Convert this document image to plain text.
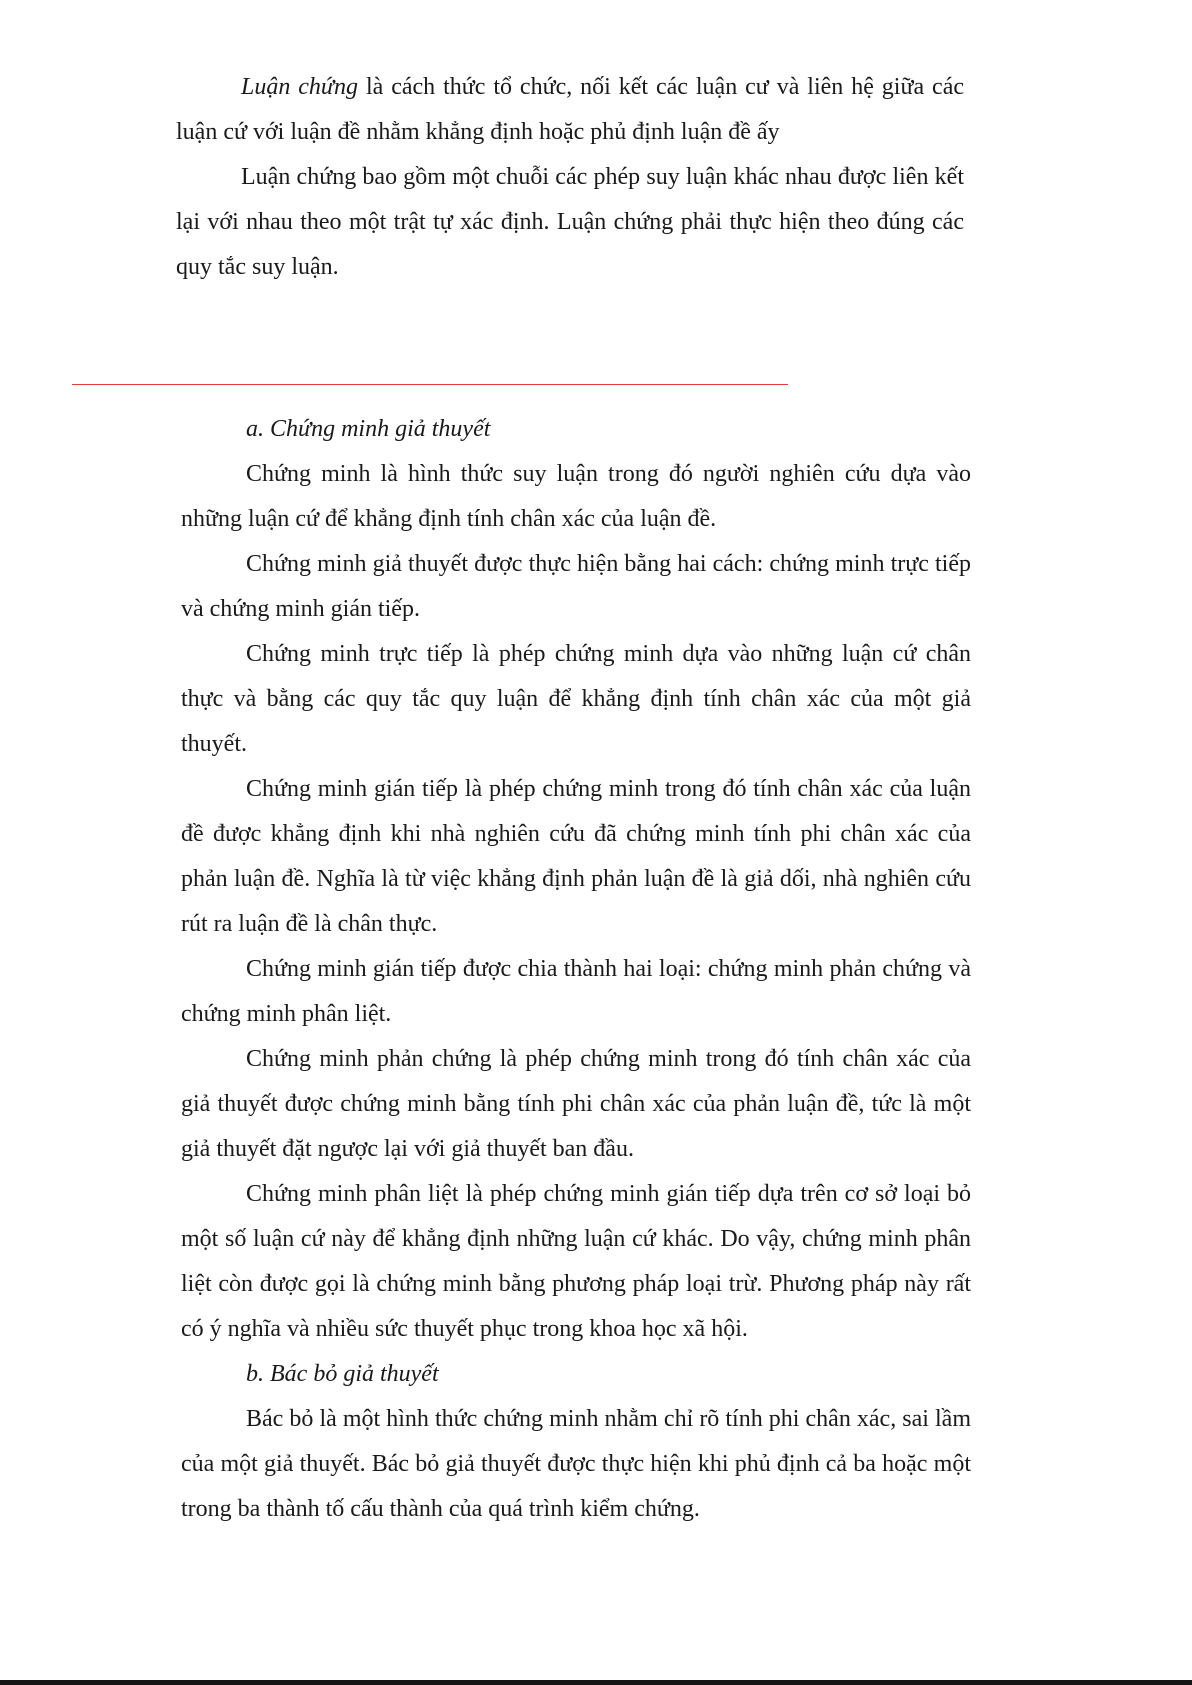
Luận chứng là cách thức tổ chức, nối kết các luận cư và liên hệ giữa các luận cứ với luận đề nhằm khẳng định hoặc phủ định luận đề ấy

Luận chứng bao gồm một chuỗi các phép suy luận khác nhau được liên kết lại với nhau theo một trật tự xác định. Luận chứng phải thực hiện theo đúng các quy tắc suy luận.

a. Chứng minh giả thuyết

Chứng minh là hình thức suy luận trong đó người nghiên cứu dựa vào những luận cứ để khẳng định tính chân xác của luận đề.

Chứng minh giả thuyết được thực hiện bằng hai cách: chứng minh trực tiếp và chứng minh gián tiếp.

Chứng minh trực tiếp là phép chứng minh dựa vào những luận cứ chân thực và bằng các quy tắc quy luận để khẳng định tính chân xác của một giả thuyết.

Chứng minh gián tiếp là phép chứng minh trong đó tính chân xác của luận đề được khẳng định khi nhà nghiên cứu đã chứng minh tính phi chân xác của phản luận đề. Nghĩa là từ việc khẳng định phản luận đề là giả dối, nhà nghiên cứu rút ra luận đề là chân thực.

Chứng minh gián tiếp được chia thành hai loại: chứng minh phản chứng và chứng minh phân liệt.

Chứng minh phản chứng là phép chứng minh trong đó tính chân xác của giả thuyết được chứng minh bằng tính phi chân xác của phản luận đề, tức là một giả thuyết đặt ngược lại với giả thuyết ban đầu.

Chứng minh phân liệt là phép chứng minh gián tiếp dựa trên cơ sở loại bỏ một số luận cứ này để khẳng định những luận cứ khác. Do vậy, chứng minh phân liệt còn được gọi là chứng minh bằng phương pháp loại trừ. Phương pháp này rất có ý nghĩa và nhiều sức thuyết phục trong khoa học xã hội.

b. Bác bỏ giả thuyết

Bác bỏ là một hình thức chứng minh nhằm chỉ rõ tính phi chân xác, sai lầm của một giả thuyết. Bác bỏ giả thuyết được thực hiện khi phủ định cả ba hoặc một trong ba thành tố cấu thành của quá trình kiểm chứng.
